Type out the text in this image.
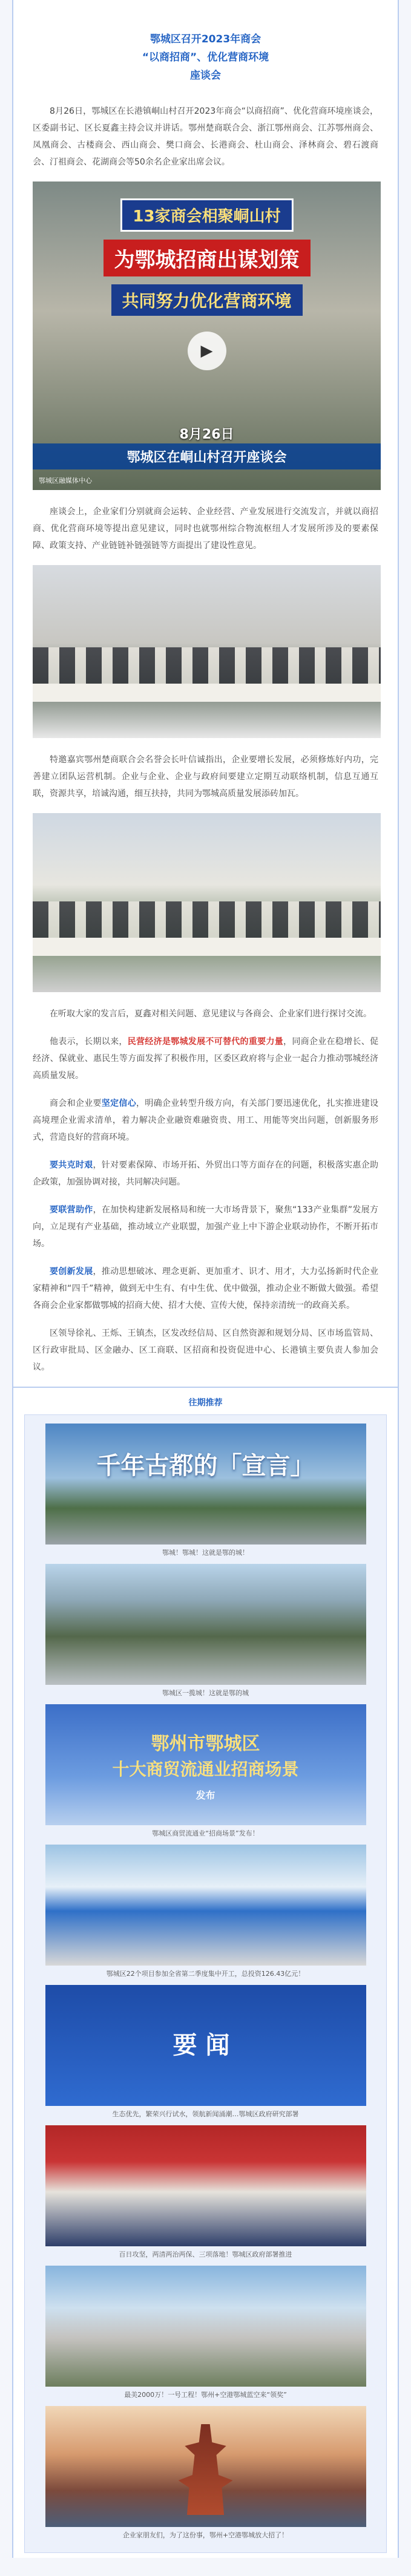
鄂城区召开2023年商会
“以商招商”、优化营商环境
座谈会

8月26日，鄂城区在长港镇峒山村召开2023年商会“以商招商”、优化营商环境座谈会，区委副书记、区长夏鑫主持会议并讲话。鄂州楚商联合会、浙江鄂州商会、江苏鄂州商会、凤凰商会、古楼商会、西山商会、樊口商会、长港商会、杜山商会、泽林商会、碧石渡商会、汀祖商会、花湖商会等50余名企业家出席会议。

13家商会相聚峒山村
为鄂城招商出谋划策
共同努力优化营商环境
▶
8月26日
鄂城区在峒山村召开座谈会
鄂城区融媒体中心

座谈会上，企业家们分别就商会运转、企业经营、产业发展进行交流发言，并就以商招商、优化营商环境等提出意见建议，同时也就鄂州综合物流枢纽人才发展所涉及的要素保障、政策支持、产业链链补链强链等方面提出了建设性意见。

特邀嘉宾鄂州楚商联合会名誉会长叶信诚指出，企业要增长发展，必须修炼好内功，完善建立团队运营机制。企业与企业、企业与政府间要建立定期互动联络机制，信息互通互联，资源共享，培诚沟通，细互扶持，共同为鄂城高质量发展添砖加瓦。

在听取大家的发言后，夏鑫对相关问题、意见建议与各商会、企业家们进行探讨交流。

他表示，长期以来，民营经济是鄂城发展不可替代的重要力量，同商企业在稳增长、促经济、保就业、惠民生等方面发挥了积极作用，区委区政府将与企业一起合力推动鄂城经济高质量发展。

商会和企业要坚定信心，明确企业转型升级方向，有关部门要迅速优化，扎实推进建设高境理企业需求清单，着力解决企业融资难融资贵、用工、用能等突出问题，创新服务形式，营造良好的营商环境。

要共克时艰，针对要素保障、市场开拓、外贸出口等方面存在的问题，积极落实惠企助企政策，加强协调对接，共同解决问题。

要联营助作，在加快构建新发展格局和统一大市场背景下，聚焦“133产业集群”发展方向，立足现有产业基础，推动域立产业联盟，加强产业上中下游企业联动协作，不断开拓市场。

要创新发展，推动思想破冰、理念更新、更加重才、识才、用才，大力弘扬新时代企业家精神和“四千”精神，做到无中生有、有中生优、优中做强，推动企业不断做大做强。希望各商会企业家都做鄂城的招商大使、招才大使、宣传大使，保持亲清统一的政商关系。

区领导徐礼、王烁、王镇杰，区发改经信局、区自然资源和规划分局、区市场监管局、区行政审批局、区金融办、区工商联、区招商和投资促进中心、长港镇主要负责人参加会议。

往期推荐
千年古都的「宣言」
鄂城！鄂城！这就是鄂的城！
鄂城区一揽城！这就是鄂的城
鄂州市鄂城区
十大商贸流通业招商场景
发布
鄂城区商贸流通业“招商场景”发布！
鄂城区22个项目参加全省第二季度集中开工，总投资126.43亿元！
要闻
生态优先，繁荣兴行试水，领航新闻涌潮…鄂城区政府研究部署
百日攻坚，两清两治两保、三项落地！鄂城区政府部署推进
最美2000万！一号工程！鄂州+空港鄂城蓝空来“领奖”
企业家朋友们，为了这份事，鄂州+空港鄂城放大招了！
